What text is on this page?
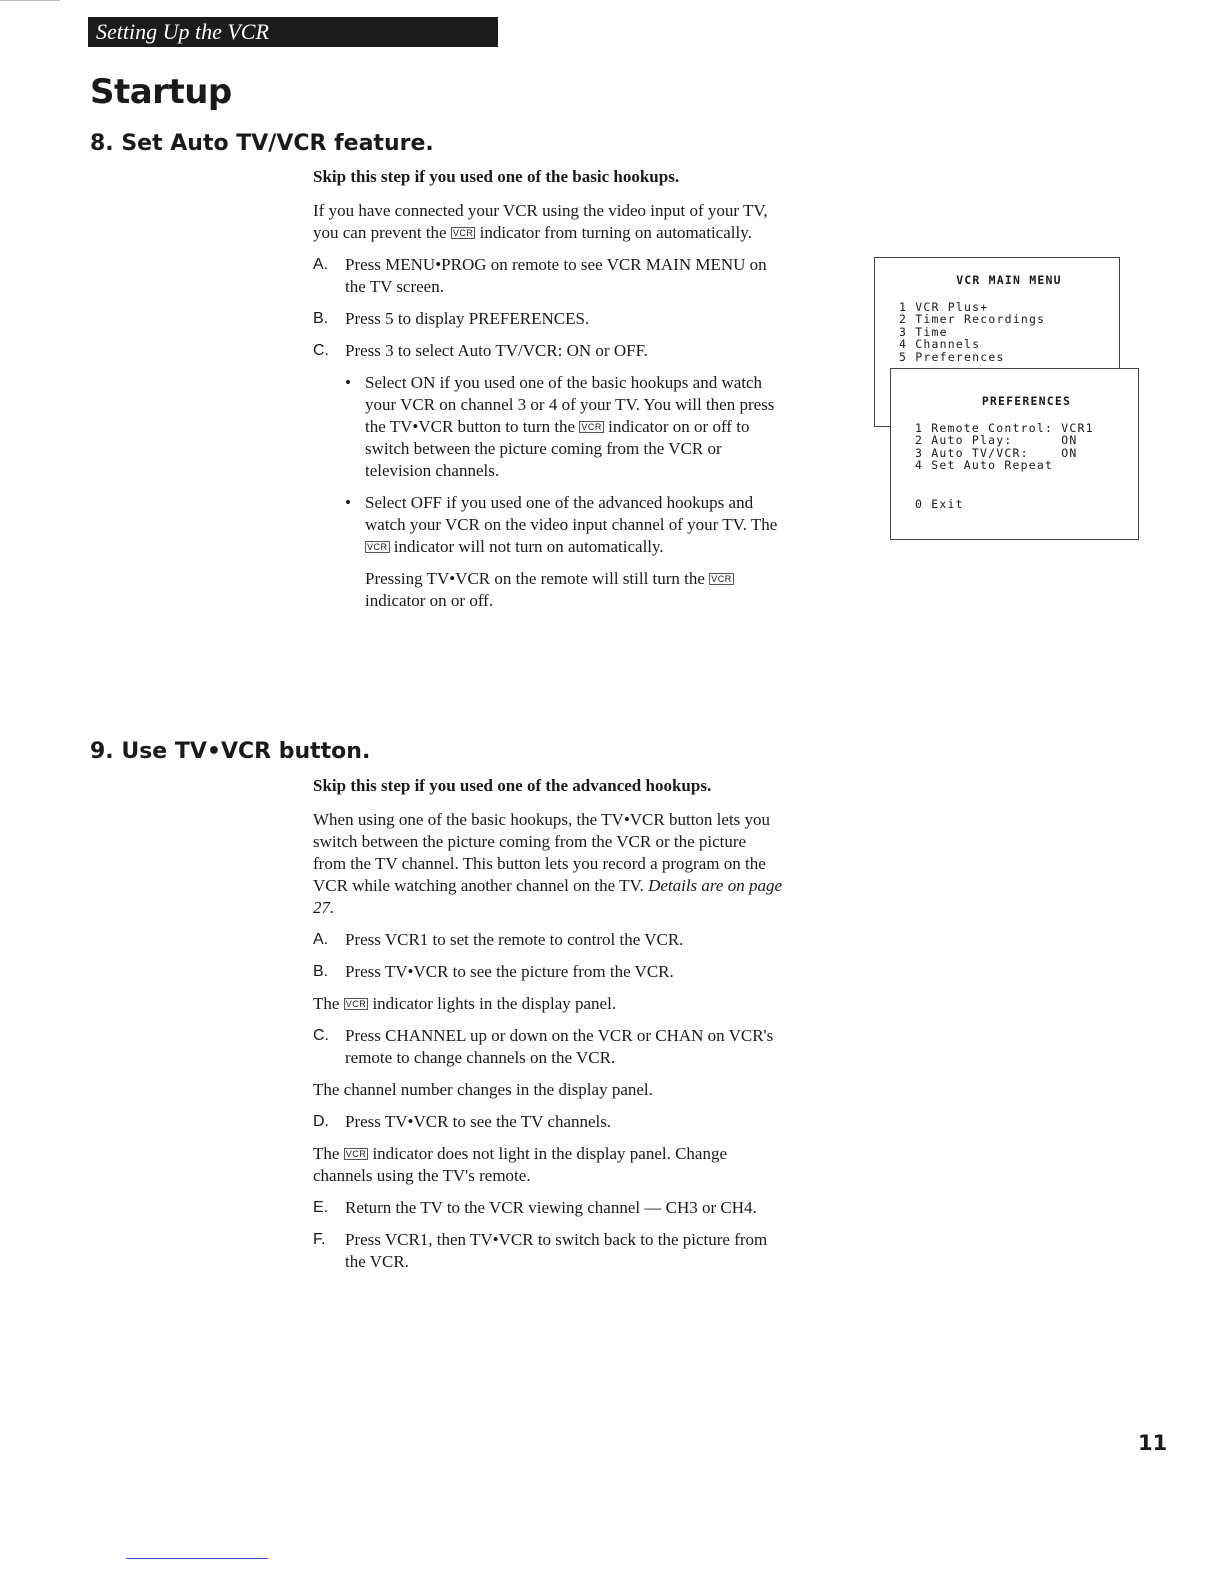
Setting Up the VCR
Startup
8. Set Auto TV/VCR feature.

Skip this step if you used one of the basic hookups.

If you have connected your VCR using the video input of your TV, you can prevent the VCR indicator from turning on automatically.

A. Press MENU•PROG on remote to see VCR MAIN MENU on the TV screen.
B. Press 5 to display PREFERENCES.
C. Press 3 to select Auto TV/VCR: ON or OFF.
• Select ON if you used one of the basic hookups and watch your VCR on channel 3 or 4 of your TV. You will then press the TV•VCR button to turn the VCR indicator on or off to switch between the picture coming from the VCR or television channels.
• Select OFF if you used one of the advanced hookups and watch your VCR on the video input channel of your TV. The VCR indicator will not turn on automatically.

Pressing TV•VCR on the remote will still turn the VCR indicator on or off.

VCR MAIN MENU
1 VCR Plus+
2 Timer Recordings
3 Time
4 Channels
5 Preferences
PREFERENCES
1 Remote Control: VCR1
2 Auto Play:      ON
3 Auto TV/VCR:    ON
4 Set Auto Repeat
0 Exit
9. Use TV•VCR button.

Skip this step if you used one of the advanced hookups.

When using one of the basic hookups, the TV•VCR button lets you switch between the picture coming from the VCR or the picture from the TV channel. This button lets you record a program on the VCR while watching another channel on the TV. Details are on page 27.

A. Press VCR1 to set the remote to control the VCR.
B. Press TV•VCR to see the picture from the VCR.

The VCR indicator lights in the display panel.

C. Press CHANNEL up or down on the VCR or CHAN on VCR's remote to change channels on the VCR.

The channel number changes in the display panel.

D. Press TV•VCR to see the TV channels.

The VCR indicator does not light in the display panel. Change channels using the TV's remote.

E. Return the TV to the VCR viewing channel — CH3 or CH4.
F.	Press VCR1, then TV•VCR to switch back to the picture from the VCR.
11
